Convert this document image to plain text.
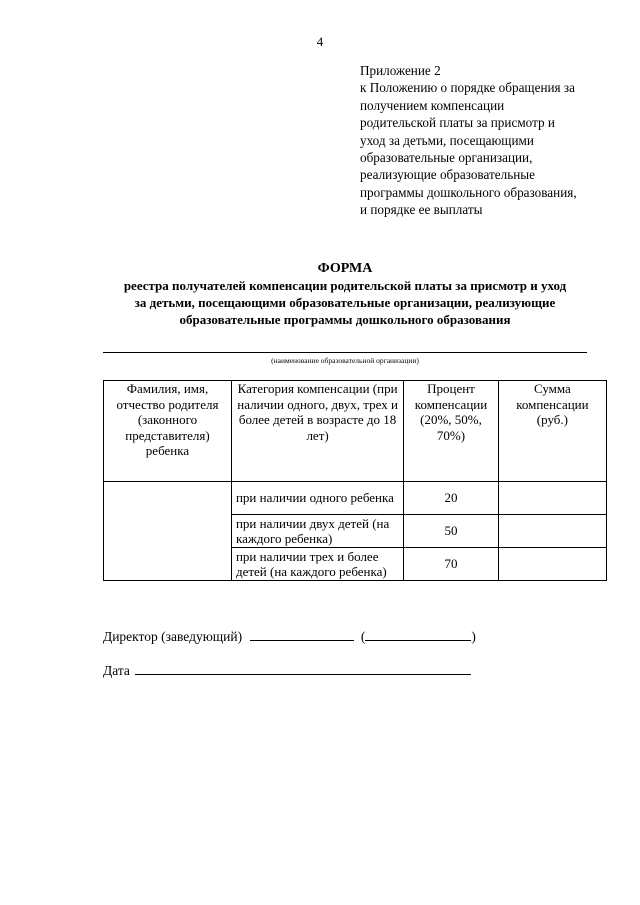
4
Приложение 2
к Положению о порядке обращения за
получением компенсации
родительской платы за присмотр и
уход за детьми, посещающими
образовательные организации,
реализующие образовательные
программы дошкольного образования,
и порядке ее выплаты
ФОРМА
реестра получателей компенсации родительской платы за присмотр и уход
за детьми, посещающими образовательные организации, реализующие
образовательные программы дошкольного образования
(наименование образовательной организации)
Фамилия, имя, отчество родителя (законного представителя) ребенка	Категория компенсации (при наличии одного, двух, трех и более детей в возрасте до 18 лет)	Процент компенсации (20%, 50%, 70%)	Сумма компенсации (руб.)
	при наличии одного ребенка	20	
	при наличии двух детей (на каждого ребенка)	50	
	при наличии трех и более детей (на каждого ребенка)	70	
Директор (заведующий)	(	)
Дата
